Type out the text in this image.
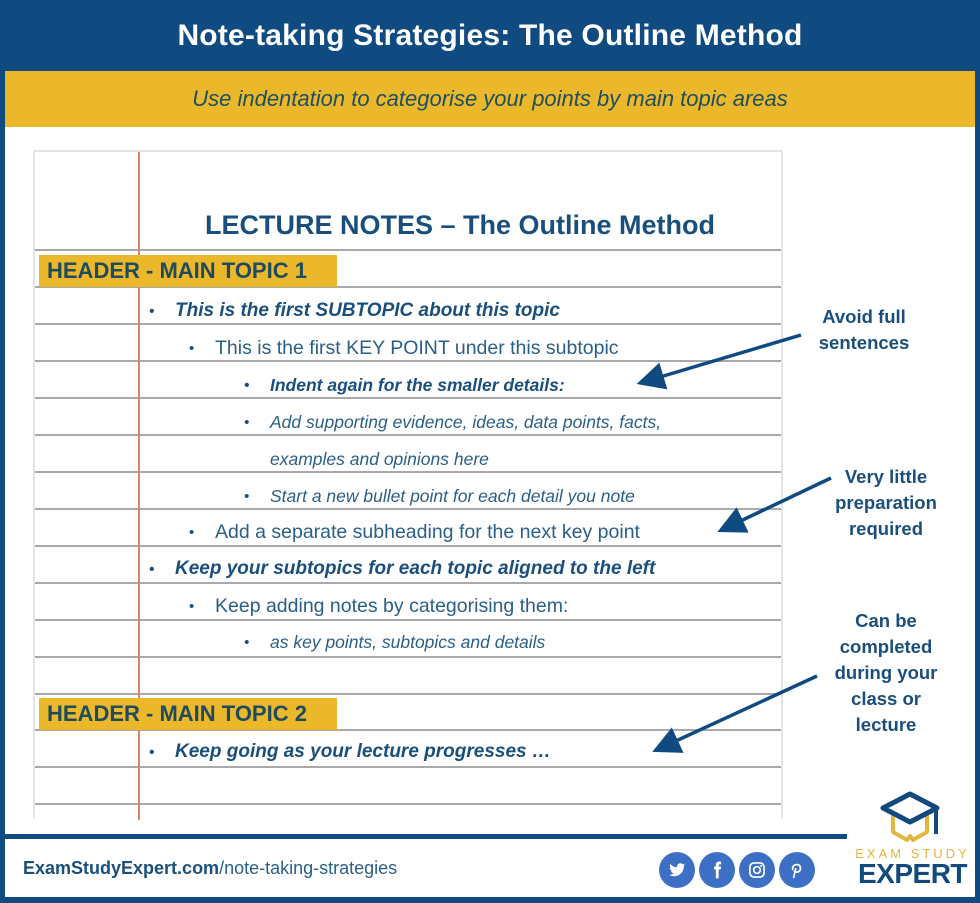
Note-taking Strategies: The Outline Method
Use indentation to categorise your points by main topic areas
LECTURE NOTES – The Outline Method
HEADER - MAIN TOPIC 1
•	This is the first SUBTOPIC about this topic
•	This is the first KEY POINT under this subtopic
•	Indent again for the smaller details:
•	Add supporting evidence, ideas, data points, facts,
examples and opinions here
•	Start a new bullet point for each detail you note
•	Add a separate subheading for the next key point
•	Keep your subtopics for each topic aligned to the left
•	Keep adding notes by categorising them:
•	as key points, subtopics and details
HEADER - MAIN TOPIC 2
•	Keep going as your lecture progresses …
Avoid full
sentences
Very little
preparation
required
Can be
completed
during your
class or
lecture
ExamStudyExpert.com/note-taking-strategies
EXAM STUDY
EXPERT
